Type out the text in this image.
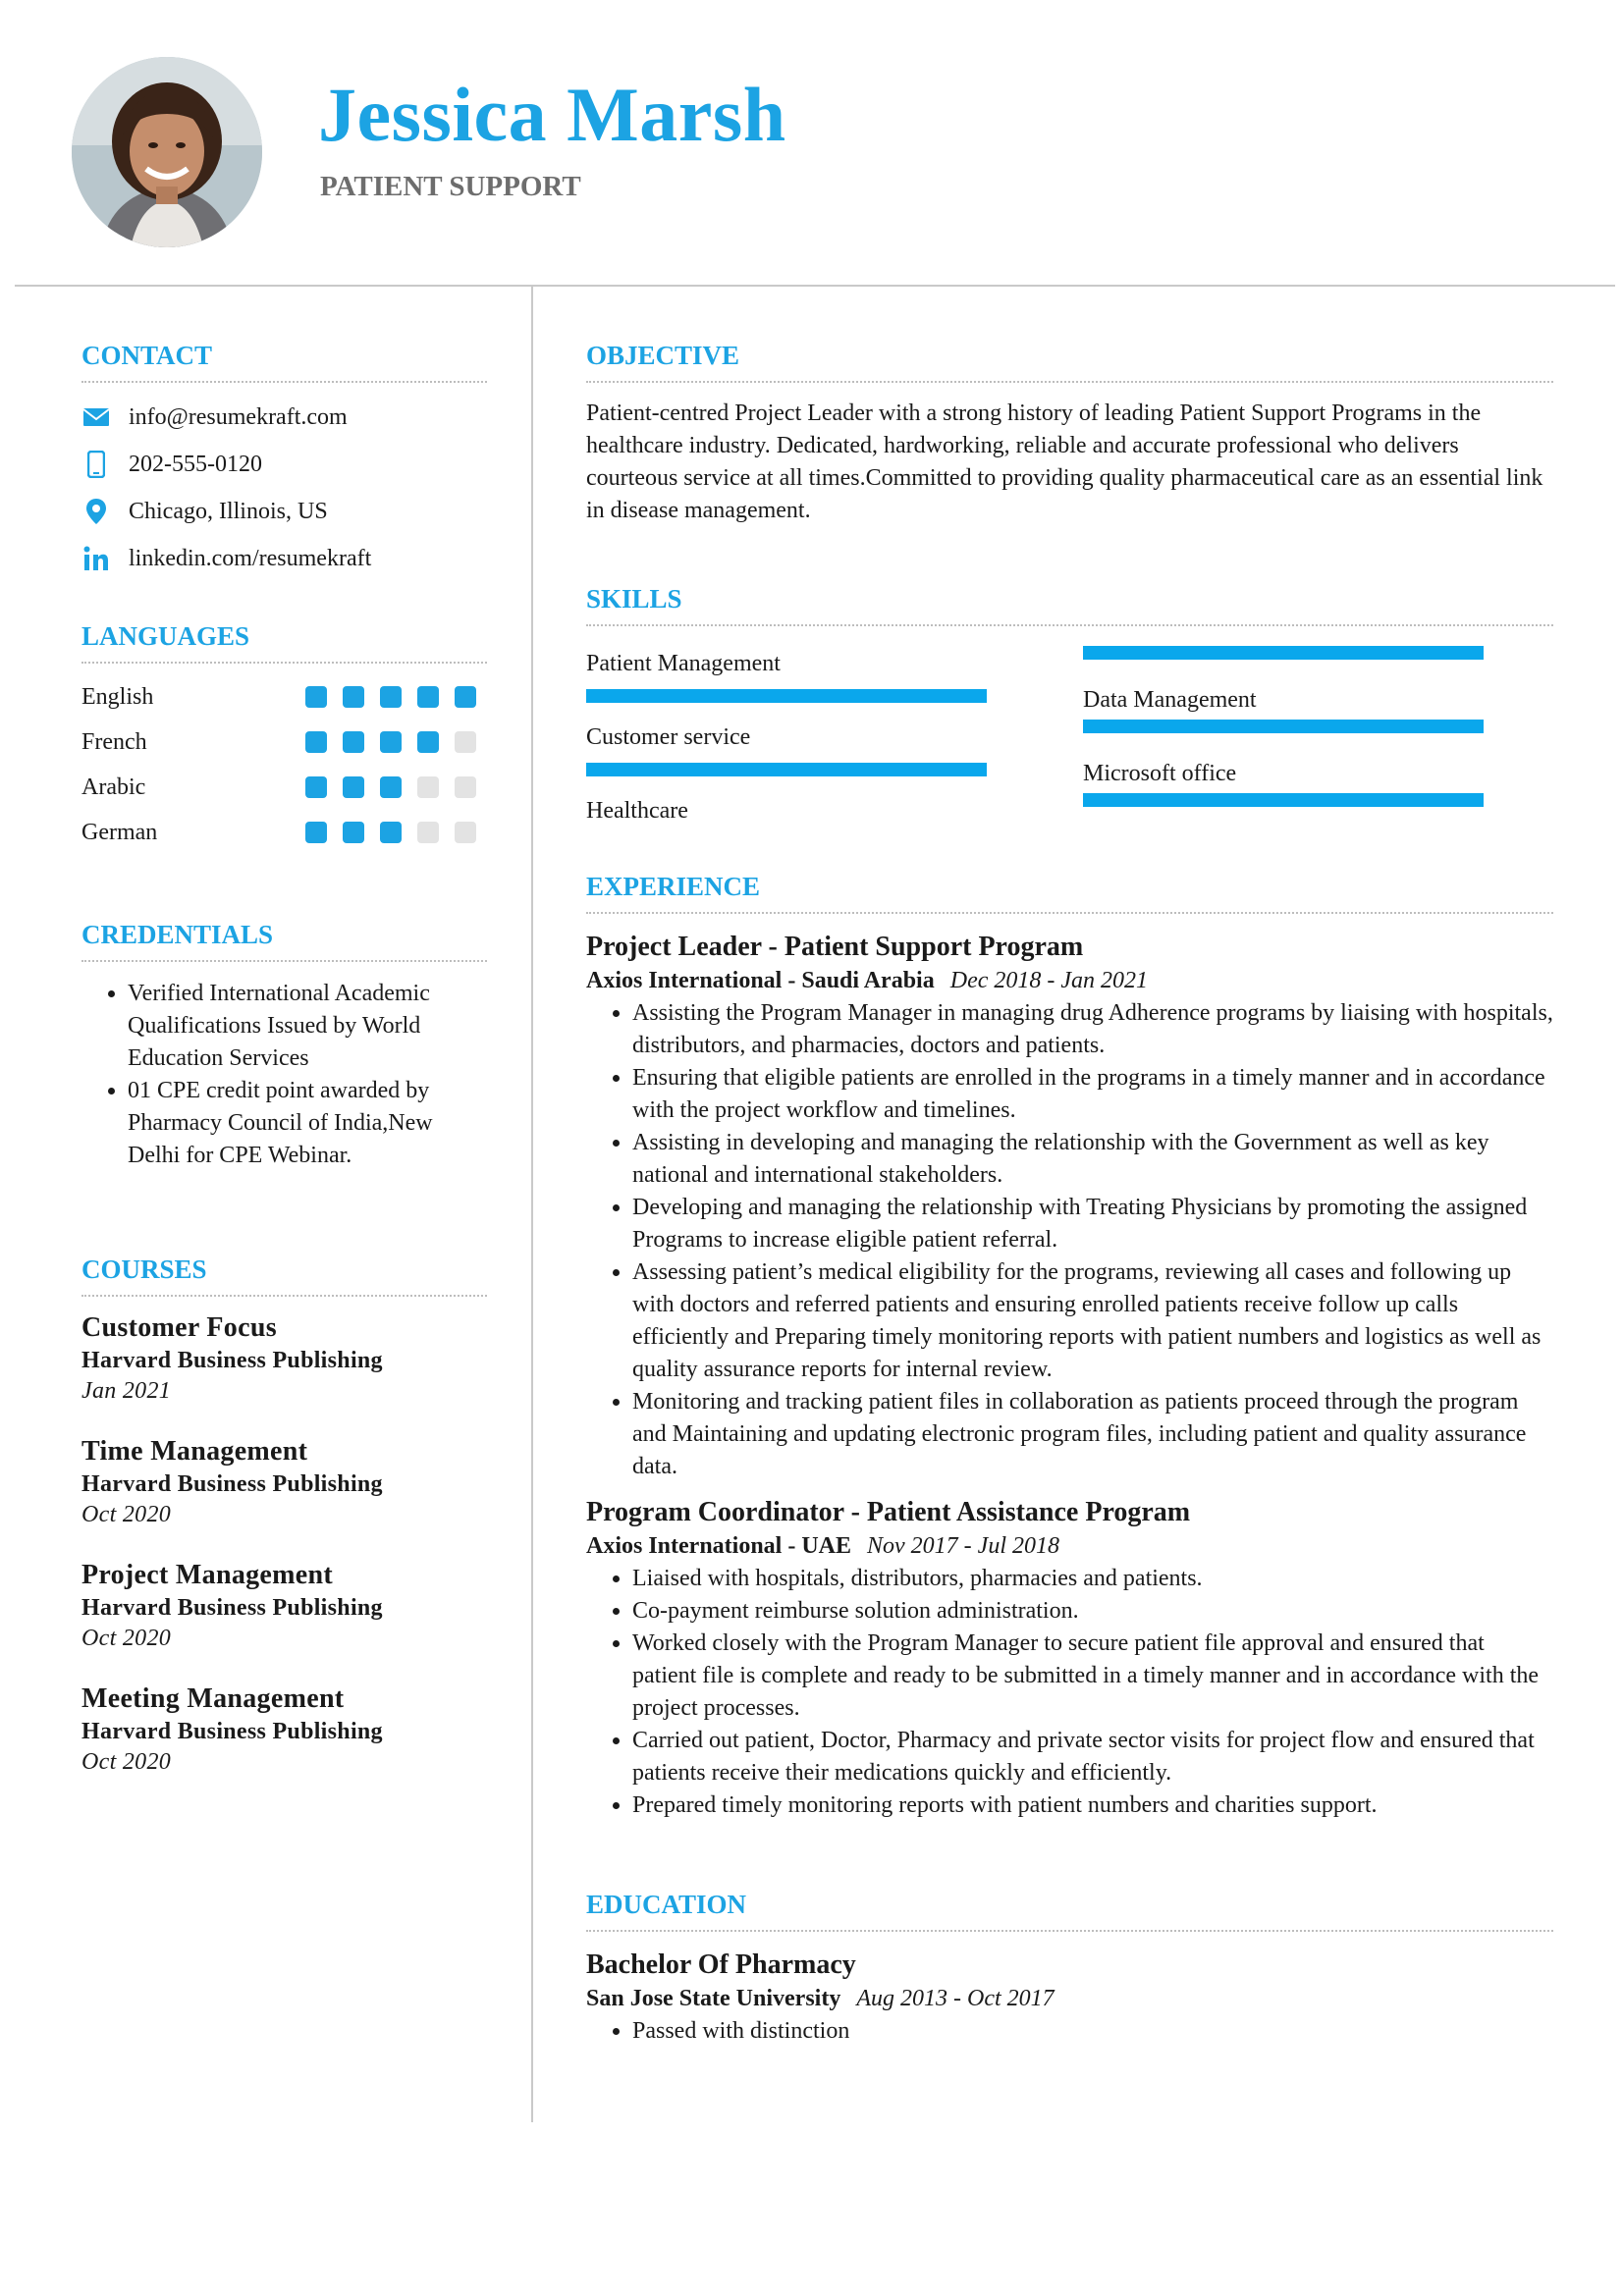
Jessica Marsh
PATIENT SUPPORT
CONTACT
info@resumekraft.com
202-555-0120
Chicago, Illinois, US
linkedin.com/resumekraft
LANGUAGES
English
French
Arabic
German
CREDENTIALS
• Verified International Academic Qualifications Issued by World Education Services
• 01 CPE credit point awarded by Pharmacy Council of India,New Delhi for CPE Webinar.
COURSES
Customer Focus
Harvard Business Publishing
Jan 2021
Time Management
Harvard Business Publishing
Oct 2020
Project Management
Harvard Business Publishing
Oct 2020
Meeting Management
Harvard Business Publishing
Oct 2020
OBJECTIVE

Patient-centred Project Leader with a strong history of leading Patient Support Programs in the healthcare industry. Dedicated, hardworking, reliable and accurate professional who delivers courteous service at all times.Committed to providing quality pharmaceutical care as an essential link in disease management.

SKILLS
Patient Management
Customer service
Healthcare
Data Management
Microsoft office
EXPERIENCE
Project Leader - Patient Support Program
Axios International - Saudi Arabia Dec 2018 - Jan 2021
• Assisting the Program Manager in managing drug Adherence programs by liaising with hospitals, distributors, and pharmacies, doctors and patients.
• Ensuring that eligible patients are enrolled in the programs in a timely manner and in accordance with the project workflow and timelines.
• Assisting in developing and managing the relationship with the Government as well as key national and international stakeholders.
• Developing and managing the relationship with Treating Physicians by promoting the assigned Programs to increase eligible patient referral.
• Assessing patient’s medical eligibility for the programs, reviewing all cases and following up with doctors and referred patients and ensuring enrolled patients receive follow up calls efficiently and Preparing timely monitoring reports with patient numbers and logistics as well as quality assurance reports for internal review.
• Monitoring and tracking patient files in collaboration as patients proceed through the program and Maintaining and updating electronic program files, including patient and quality assurance data.
Program Coordinator - Patient Assistance Program
Axios International - UAE Nov 2017 - Jul 2018
• Liaised with hospitals, distributors, pharmacies and patients.
• Co-payment reimburse solution administration.
• Worked closely with the Program Manager to secure patient file approval and ensured that patient file is complete and ready to be submitted in a timely manner and in accordance with the project processes.
• Carried out patient, Doctor, Pharmacy and private sector visits for project flow and ensured that patients receive their medications quickly and efficiently.
• Prepared timely monitoring reports with patient numbers and charities support.
EDUCATION
Bachelor Of Pharmacy
San Jose State University Aug 2013 - Oct 2017
• Passed with distinction
